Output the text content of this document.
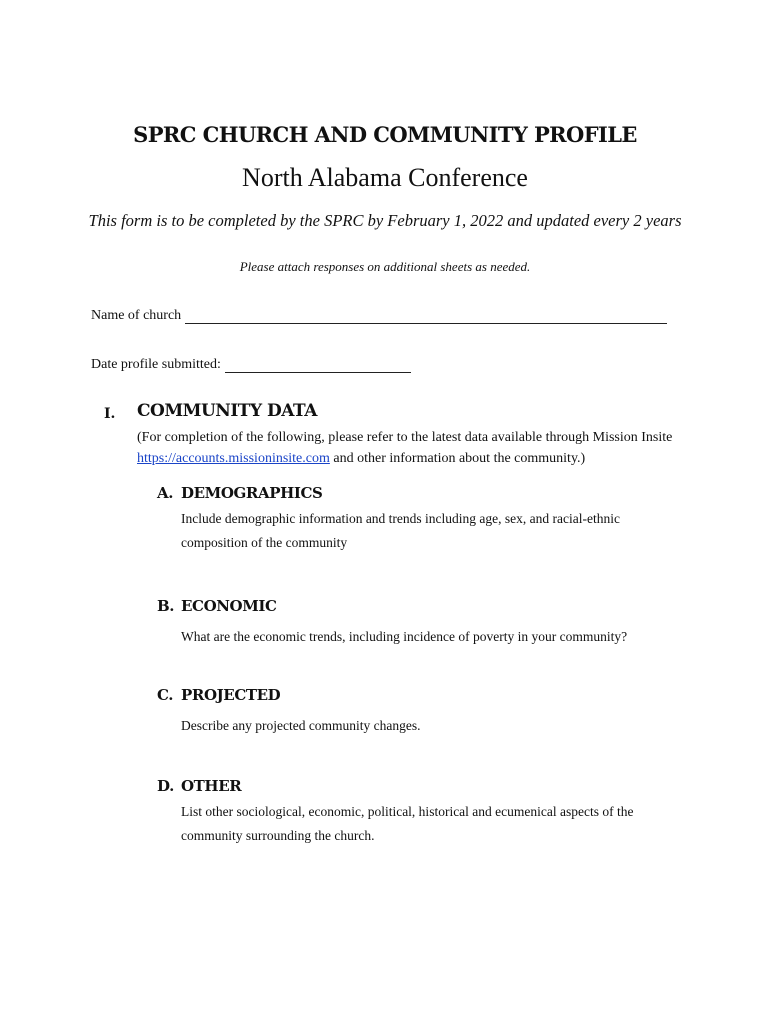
SPRC CHURCH AND COMMUNITY PROFILE
North Alabama Conference
This form is to be completed by the SPRC by February 1, 2022 and updated every 2 years
Please attach responses on additional sheets as needed.
Name of church
Date profile submitted:
I. COMMUNITY DATA
(For completion of the following, please refer to the latest data available through Mission Insite https://accounts.missioninsite.com and other information about the community.)
A. DEMOGRAPHICS
Include demographic information and trends including age, sex, and racial-ethnic composition of the community
B. ECONOMIC
What are the economic trends, including incidence of poverty in your community?
C. PROJECTED
Describe any projected community changes.
D. OTHER
List other sociological, economic, political, historical and ecumenical aspects of the community surrounding the church.
